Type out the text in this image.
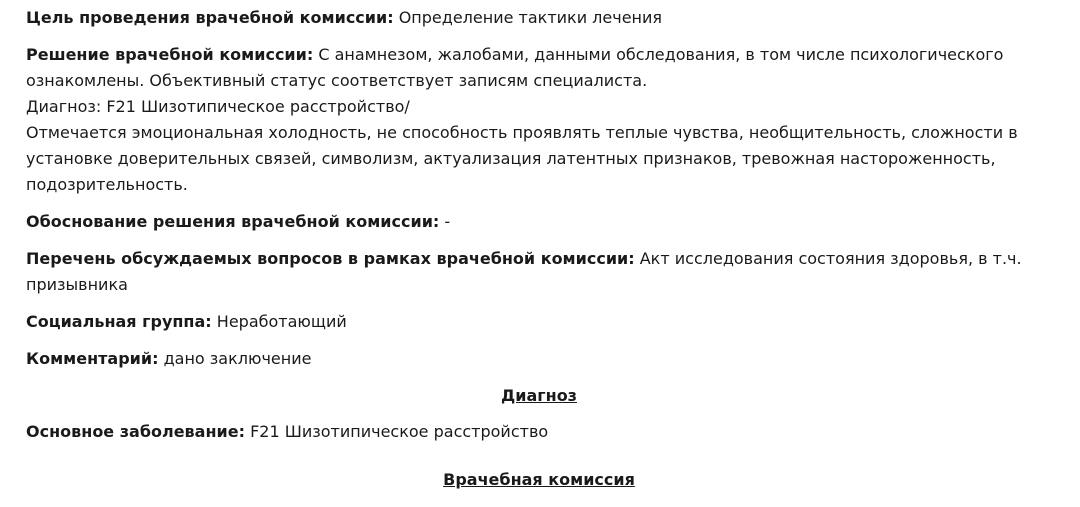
Цель проведения врачебной комиссии: Определение тактики лечения

Решение врачебной комиссии: С анамнезом, жалобами, данными обследования, в том числе психологического ознакомлены. Объективный статус соответствует записям специалиста.
Диагноз: F21 Шизотипическое расстройство/
Отмечается эмоциональная холодность, не способность проявлять теплые чувства, необщительность, сложности в установке доверительных связей, символизм, актуализация латентных признаков, тревожная настороженность, подозрительность.

Обоснование решения врачебной комиссии: -

Перечень обсуждаемых вопросов в рамках врачебной комиссии: Акт исследования состояния здоровья, в т.ч. призывника

Социальная группа: Неработающий

Комментарий: дано заключение

Диагноз

Основное заболевание: F21 Шизотипическое расстройство

Врачебная комиссия
